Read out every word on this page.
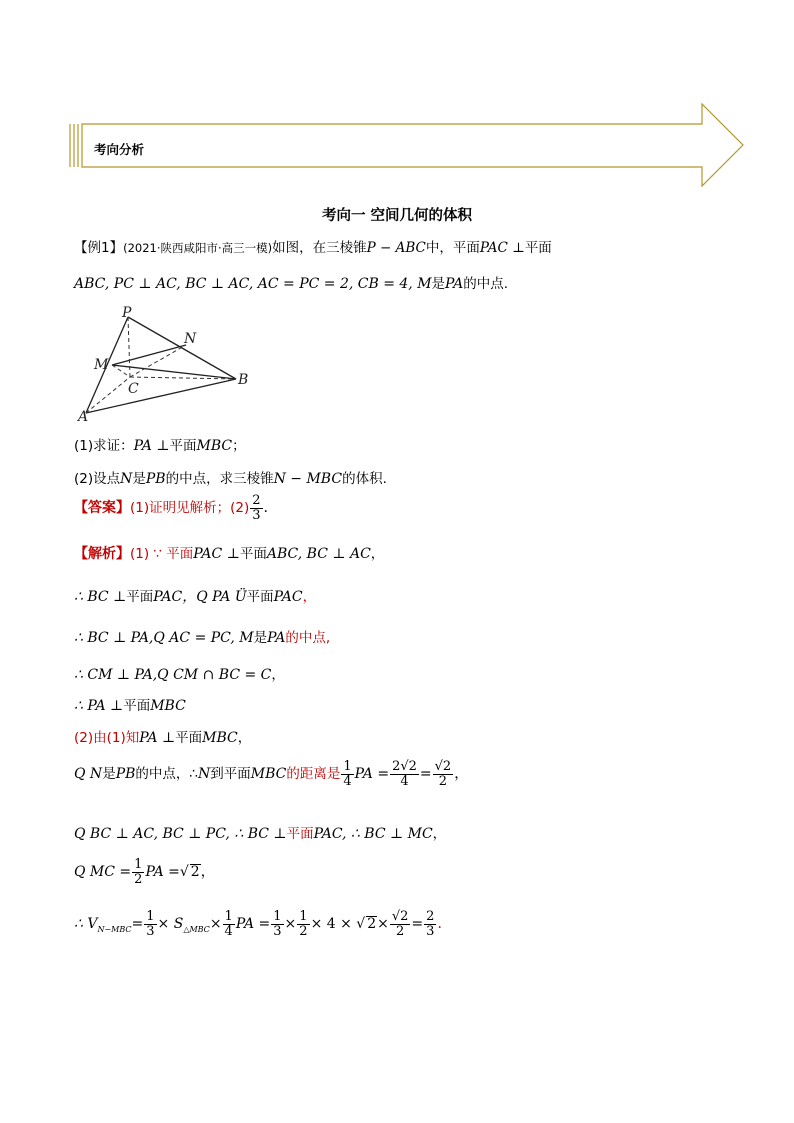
考向分析
考向一 空间几何的体积
【例1】(2021·陕西咸阳市·高三一模)如图，在三棱锥P − ABC中，平面PAC ⊥平面
ABC, PC ⊥ AC, BC ⊥ AC, AC = PC = 2, CB = 4, M是PA的中点.
P
N
M
C
B
A
(1)求证：PA ⊥平面MBC；
(2)设点N是PB的中点，求三棱锥N − MBC的体积.
【答案】(1)证明见解析；$(2) \frac{2}{3}$ .
【解析】(1) ∵ 平面PAC ⊥平面ABC, BC ⊥ AC，
∴ BC ⊥平面PAC，Q PA Ü平面PAC，
∴ BC ⊥ PA,Q AC = PC, M是PA的中点,
∴ CM ⊥ PA,Q CM ∩ BC = C，
∴ PA ⊥平面MBC
(2)由(1)知PA ⊥平面MBC，
Q N是PB的中点，∴N到平面MBC的距离是 $\frac{1}{4}$ PA = $\frac{2√2}{4} = \frac{√2}{2}$ ，
Q BC ⊥ AC, BC ⊥ PC, ∴ BC ⊥平面PAC, ∴ BC ⊥ MC，
Q MC = $\frac{1}{2}$ PA =√ 2，
∴ $V_{N-MBC}= \frac{1}{3} \times S_{\triangle MBC}\times \frac{1}{4}$ PA = $\frac{1}{3} \times \frac{1}{2} \times 4$ × √ $2\times \frac{√2}{2} = \frac{2}{3}$ .
